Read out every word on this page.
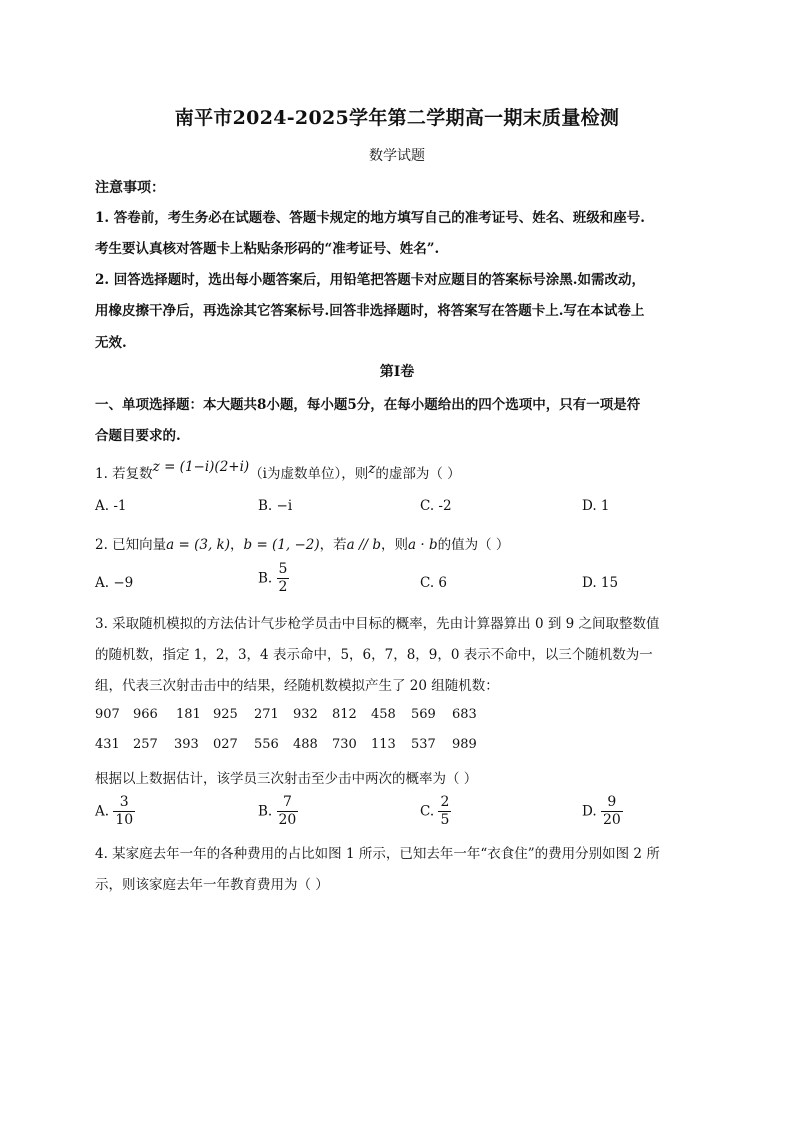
南平市2024-2025学年第二学期高一期末质量检测
数学试题
注意事项：
1. 答卷前，考生务必在试题卷、答题卡规定的地方填写自己的准考证号、姓名、班级和座号.
考生要认真核对答题卡上粘贴条形码的“准考证号、姓名”.
2. 回答选择题时，选出每小题答案后，用铅笔把答题卡对应题目的答案标号涂黑.如需改动，
用橡皮擦干净后，再选涂其它答案标号.回答非选择题时，将答案写在答题卡上.写在本试卷上
无效.
第I卷
一、单项选择题：本大题共8小题，每小题5分，在每小题给出的四个选项中，只有一项是符
合题目要求的.
1. 若复数z = (1−i)(2+i)（i为虚数单位），则z的虚部为（ ）
A. -1	B. −i	C. -2	D. 1
2. 已知向量a = (3, k)，b = (1, −2)，若a // b，则a · b的值为（ ）
A. −9	B. $\frac{5}{2}$	C. 6	D. 15
3. 采取随机模拟的方法估计气步枪学员击中目标的概率，先由计算器算出 0 到 9 之间取整数值
的随机数，指定 1，2，3，4 表示命中，5，6，7，8，9，0 表示不命中，以三个随机数为一
组，代表三次射击击中的结果，经随机数模拟产生了 20 组随机数：
907 966 181 925 271 932 812 458 569 683
431 257 393 027 556 488 730 113 537 989
根据以上数据估计，该学员三次射击至少击中两次的概率为（ ）
A. $\frac{3}{10}$	B. $\frac{7}{20}$	C. $\frac{2}{5}$	D. $\frac{9}{20}$
4. 某家庭去年一年的各种费用的占比如图 1 所示，已知去年一年“衣食住”的费用分别如图 2 所
示，则该家庭去年一年教育费用为（ ）
